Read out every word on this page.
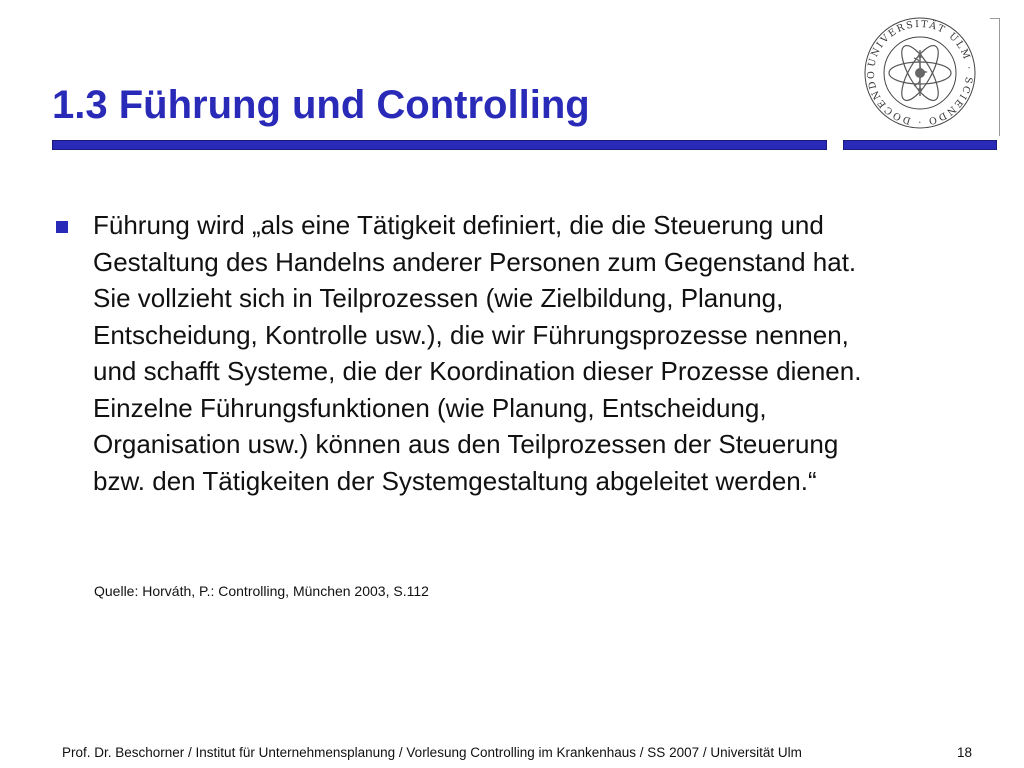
1.3 Führung und Controlling
UNIVERSITÄT ULM · SCIENDO · DOCENDO

Führung wird „als eine Tätigkeit definiert, die die Steuerung und
Gestaltung des Handelns anderer Personen zum Gegenstand hat.
Sie vollzieht sich in Teilprozessen (wie Zielbildung, Planung,
Entscheidung, Kontrolle usw.), die wir Führungsprozesse nennen,
und schafft Systeme, die der Koordination dieser Prozesse dienen.
Einzelne Führungsfunktionen (wie Planung, Entscheidung,
Organisation usw.) können aus den Teilprozessen der Steuerung
bzw. den Tätigkeiten der Systemgestaltung abgeleitet werden.“

Quelle: Horváth, P.: Controlling, München 2003, S.112
Prof. Dr. Beschorner / Institut für Unternehmensplanung / Vorlesung Controlling im Krankenhaus / SS 2007 / Universität Ulm	18
